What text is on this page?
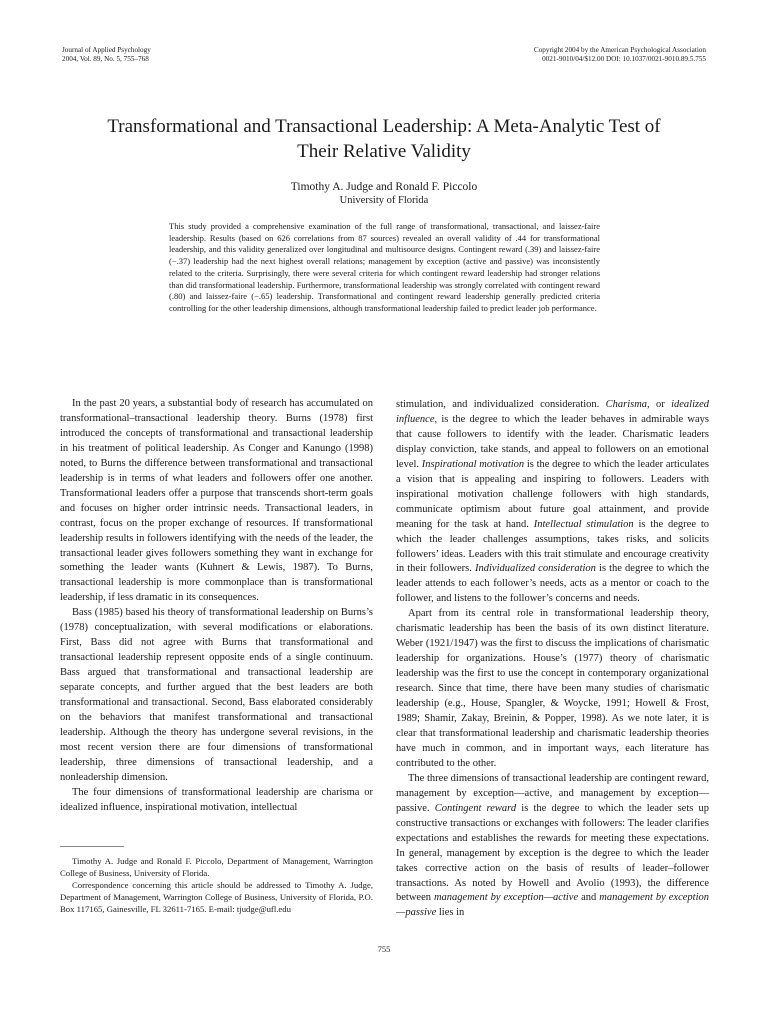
Journal of Applied Psychology
2004, Vol. 89, No. 5, 755–768
Copyright 2004 by the American Psychological Association
0021-9010/04/$12.00 DOI: 10.1037/0021-9010.89.5.755
Transformational and Transactional Leadership: A Meta-Analytic Test of
Their Relative Validity
Timothy A. Judge and Ronald F. Piccolo
University of Florida

This study provided a comprehensive examination of the full range of transformational, transactional, and laissez-faire leadership. Results (based on 626 correlations from 87 sources) revealed an overall validity of .44 for transformational leadership, and this validity generalized over longitudinal and multisource designs. Contingent reward (.39) and laissez-faire (−.37) leadership had the next highest overall relations; management by exception (active and passive) was inconsistently related to the criteria. Surprisingly, there were several criteria for which contingent reward leadership had stronger relations than did transformational leadership. Furthermore, transformational leadership was strongly correlated with contingent reward (.80) and laissez-faire (−.65) leadership. Transformational and contingent reward leadership generally predicted criteria controlling for the other leadership dimensions, although transformational leadership failed to predict leader job performance.

In the past 20 years, a substantial body of research has accumulated on transformational–transactional leadership theory. Burns (1978) first introduced the concepts of transformational and transactional leadership in his treatment of political leadership. As Conger and Kanungo (1998) noted, to Burns the difference between transformational and transactional leadership is in terms of what leaders and followers offer one another. Transformational leaders offer a purpose that transcends short-term goals and focuses on higher order intrinsic needs. Transactional leaders, in contrast, focus on the proper exchange of resources. If transformational leadership results in followers identifying with the needs of the leader, the transactional leader gives followers something they want in exchange for something the leader wants (Kuhnert & Lewis, 1987). To Burns, transactional leadership is more commonplace than is transformational leadership, if less dramatic in its consequences.

Bass (1985) based his theory of transformational leadership on Burns’s (1978) conceptualization, with several modifications or elaborations. First, Bass did not agree with Burns that transformational and transactional leadership represent opposite ends of a single continuum. Bass argued that transformational and transactional leadership are separate concepts, and further argued that the best leaders are both transformational and transactional. Second, Bass elaborated considerably on the behaviors that manifest transformational and transactional leadership. Although the theory has undergone several revisions, in the most recent version there are four dimensions of transformational leadership, three dimensions of transactional leadership, and a nonleadership dimension.

The four dimensions of transformational leadership are charisma or idealized influence, inspirational motivation, intellectual

Timothy A. Judge and Ronald F. Piccolo, Department of Management, Warrington College of Business, University of Florida.

Correspondence concerning this article should be addressed to Timothy A. Judge, Department of Management, Warrington College of Business, University of Florida, P.O. Box 117165, Gainesville, FL 32611-7165. E-mail: tjudge@ufl.edu

stimulation, and individualized consideration. Charisma, or idealized influence, is the degree to which the leader behaves in admirable ways that cause followers to identify with the leader. Charismatic leaders display conviction, take stands, and appeal to followers on an emotional level. Inspirational motivation is the degree to which the leader articulates a vision that is appealing and inspiring to followers. Leaders with inspirational motivation challenge followers with high standards, communicate optimism about future goal attainment, and provide meaning for the task at hand. Intellectual stimulation is the degree to which the leader challenges assumptions, takes risks, and solicits followers’ ideas. Leaders with this trait stimulate and encourage creativity in their followers. Individualized consideration is the degree to which the leader attends to each follower’s needs, acts as a mentor or coach to the follower, and listens to the follower’s concerns and needs.

Apart from its central role in transformational leadership theory, charismatic leadership has been the basis of its own distinct literature. Weber (1921/1947) was the first to discuss the implications of charismatic leadership for organizations. House’s (1977) theory of charismatic leadership was the first to use the concept in contemporary organizational research. Since that time, there have been many studies of charismatic leadership (e.g., House, Spangler, & Woycke, 1991; Howell & Frost, 1989; Shamir, Zakay, Breinin, & Popper, 1998). As we note later, it is clear that transformational leadership and charismatic leadership theories have much in common, and in important ways, each literature has contributed to the other.

The three dimensions of transactional leadership are contingent reward, management by exception—active, and management by exception—passive. Contingent reward is the degree to which the leader sets up constructive transactions or exchanges with followers: The leader clarifies expectations and establishes the rewards for meeting these expectations. In general, management by exception is the degree to which the leader takes corrective action on the basis of results of leader–follower transactions. As noted by Howell and Avolio (1993), the difference between management by exception—active and management by exception—passive lies in

755
